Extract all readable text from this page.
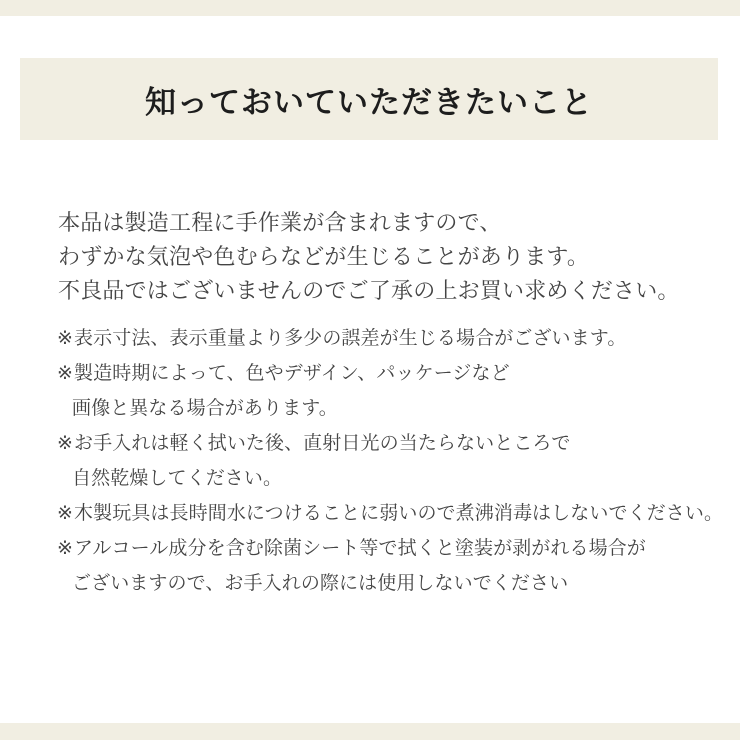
知っておいていただきたいこと
本品は製造工程に手作業が含まれますので、
わずかな気泡や色むらなどが生じることがあります。
不良品ではございませんのでご了承の上お買い求めください。
※表示寸法、表示重量より多少の誤差が生じる場合がございます。
※製造時期によって、色やデザイン、パッケージなど
画像と異なる場合があります。
※お手入れは軽く拭いた後、直射日光の当たらないところで
自然乾燥してください。
※木製玩具は長時間水につけることに弱いので煮沸消毒はしないでください。
※アルコール成分を含む除菌シート等で拭くと塗装が剥がれる場合が
ございますので、お手入れの際には使用しないでください
